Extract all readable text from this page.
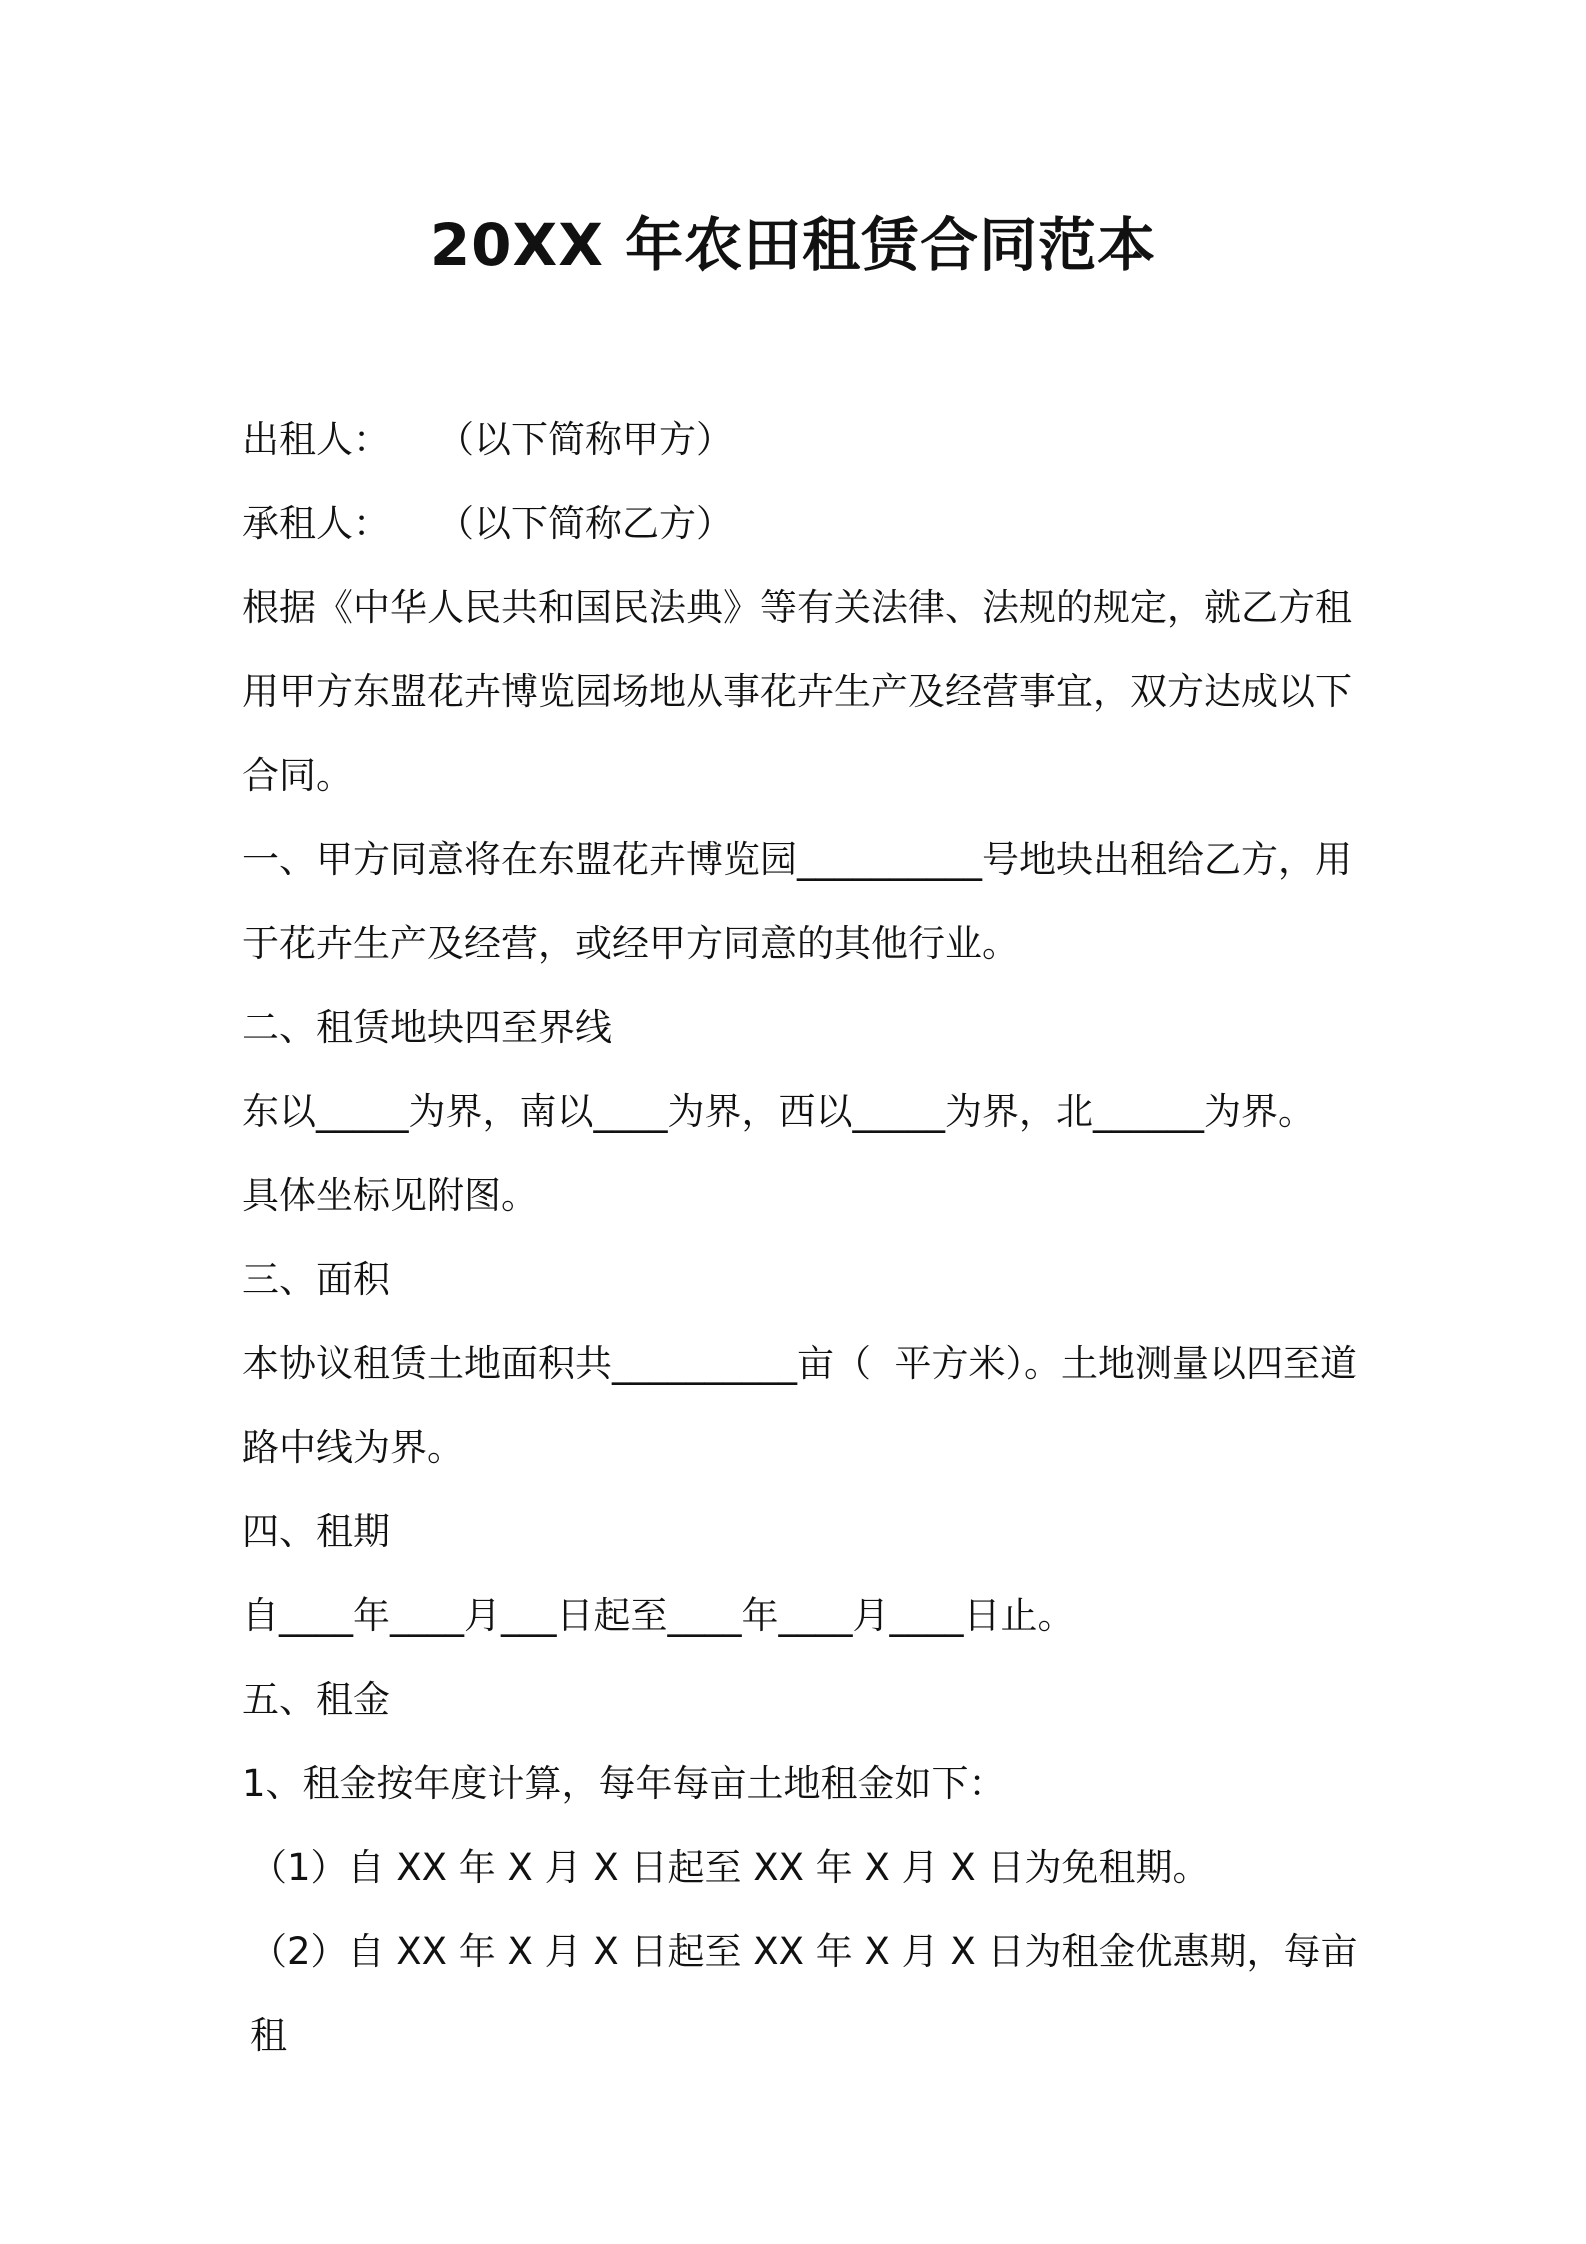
20XX 年农田租赁合同范本

出租人：    （以下简称甲方）

承租人：    （以下简称乙方）

根据《中华人民共和国民法典》等有关法律、法规的规定，就乙方租

用甲方东盟花卉博览园场地从事花卉生产及经营事宜，双方达成以下

合同。

一、甲方同意将在东盟花卉博览园__________号地块出租给乙方，用

于花卉生产及经营，或经甲方同意的其他行业。

二、租赁地块四至界线

东以_____为界，南以____为界，西以_____为界，北______为界。

具体坐标见附图。

三、面积

本协议租赁土地面积共__________亩（  平方米）。土地测量以四至道

路中线为界。

四、租期

自____年____月___日起至____年____月____日止。

五、租金

1、租金按年度计算，每年每亩土地租金如下：

（1）自 XX 年 X 月 X 日起至 XX 年 X 月 X 日为免租期。

（2）自 XX 年 X 月 X 日起至 XX 年 X 月 X 日为租金优惠期，每亩租
